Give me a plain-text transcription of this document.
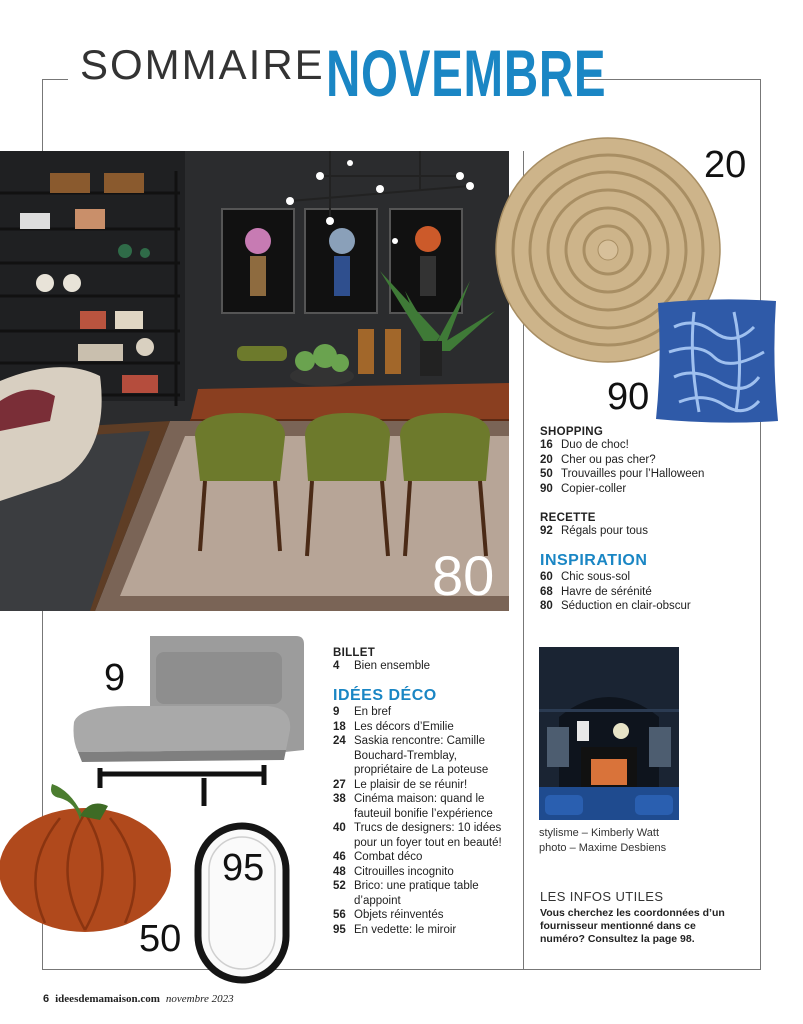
SOMMAIRE NOVEMBRE
80
20
90
SHOPPING
16 Duo de choc!
20 Cher ou pas cher?
50 Trouvailles pour l’Halloween
90 Copier-coller
RECETTE
92 Régals pour tous
INSPIRATION
60 Chic sous-sol
68 Havre de sérénité
80 Séduction en clair-obscur
9
95
50
BILLET
4	Bien ensemble
IDÉES DÉCO
9	En bref
18 Les décors d’Emilie
24 Saskia rencontre: Camille Bouchard-Tremblay, propriétaire de La poteuse
27 Le plaisir de se réunir!
38 Cinéma maison: quand le fauteuil bonifie l’expérience
40 Trucs de designers: 10 idées pour un foyer tout en beauté!
46 Combat déco
48 Citrouilles incognito
52 Brico: une pratique table d’appoint
56 Objets réinventés
95 En vedette: le miroir
stylisme – Kimberly Watt
photo – Maxime Desbiens
LES INFOS UTILES
Vous cherchez les coordonnées d’un fournisseur mentionné dans ce numéro? Consultez la page 98.
6 ideesdemamaison.com novembre 2023
